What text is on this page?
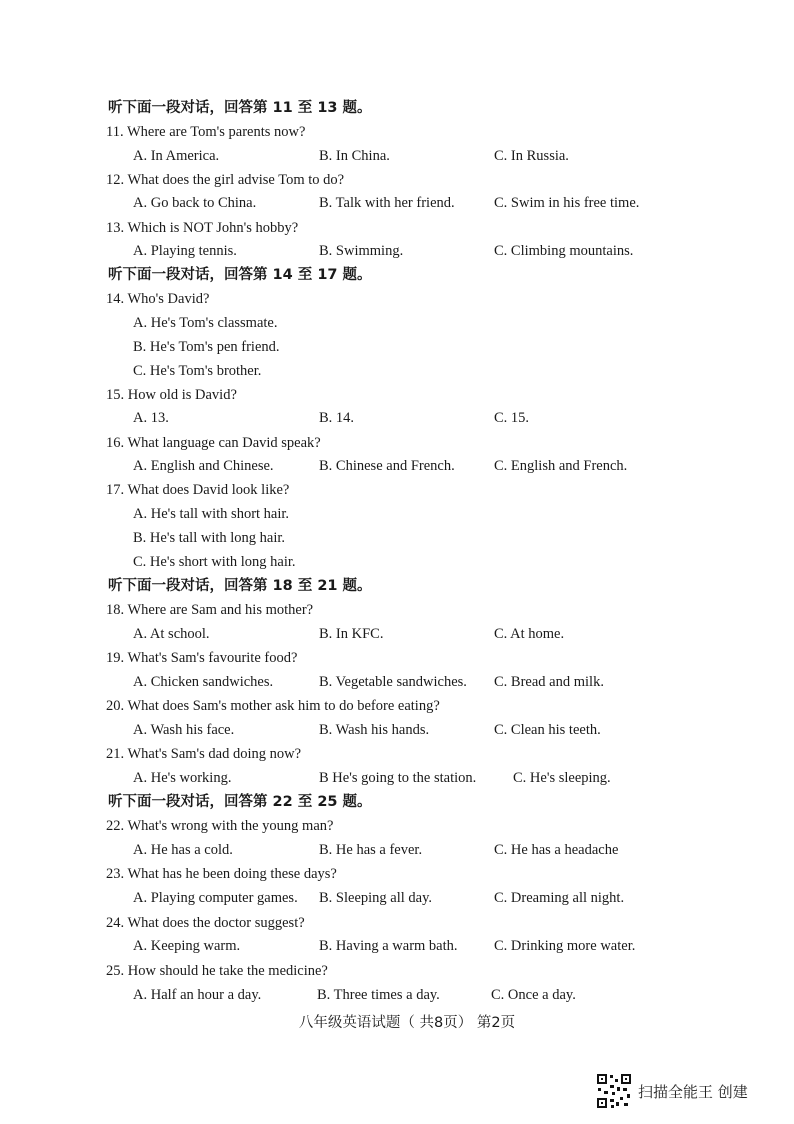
听下面一段对话，回答第 11 至 13 题。
11. Where are Tom's parents now?
A. In America.	B. In China.	C. In Russia.
12. What does the girl advise Tom to do?
A. Go back to China.	B. Talk with her friend.	C. Swim in his free time.
13. Which is NOT John's hobby?
A. Playing tennis.	B. Swimming.	C. Climbing mountains.
听下面一段对话，回答第 14 至 17 题。
14. Who's David?
A. He's Tom's classmate.
B. He's Tom's pen friend.
C. He's Tom's brother.
15. How old is David?
A. 13.	B. 14.	C. 15.
16. What language can David speak?
A. English and Chinese.	B. Chinese and French.	C. English and French.
17. What does David look like?
A. He's tall with short hair.
B. He's tall with long hair.
C. He's short with long hair.
听下面一段对话，回答第 18 至 21 题。
18. Where are Sam and his mother?
A. At school.	B. In KFC.	C. At home.
19. What's Sam's favourite food?
A. Chicken sandwiches.	B. Vegetable sandwiches. C. Bread and milk.
20. What does Sam's mother ask him to do before eating?
A. Wash his face.	B. Wash his hands.	C. Clean his teeth.
21. What's Sam's dad doing now?
A. He's working.	B He's going to the station.	C. He's sleeping.
听下面一段对话，回答第 22 至 25 题。
22. What's wrong with the young man?
A. He has a cold.	B. He has a fever.	C. He has a headache
23. What has he been doing these days?
A. Playing computer games. B. Sleeping all day.	C. Dreaming all night.
24. What does the doctor suggest?
A. Keeping warm.	B. Having a warm bath.	C. Drinking more water.
25. How should he take the medicine?
A. Half an hour a day.	B. Three times a day.	C. Once a day.
八年级英语试题（ 共8页） 第2页
扫描全能王 创建
